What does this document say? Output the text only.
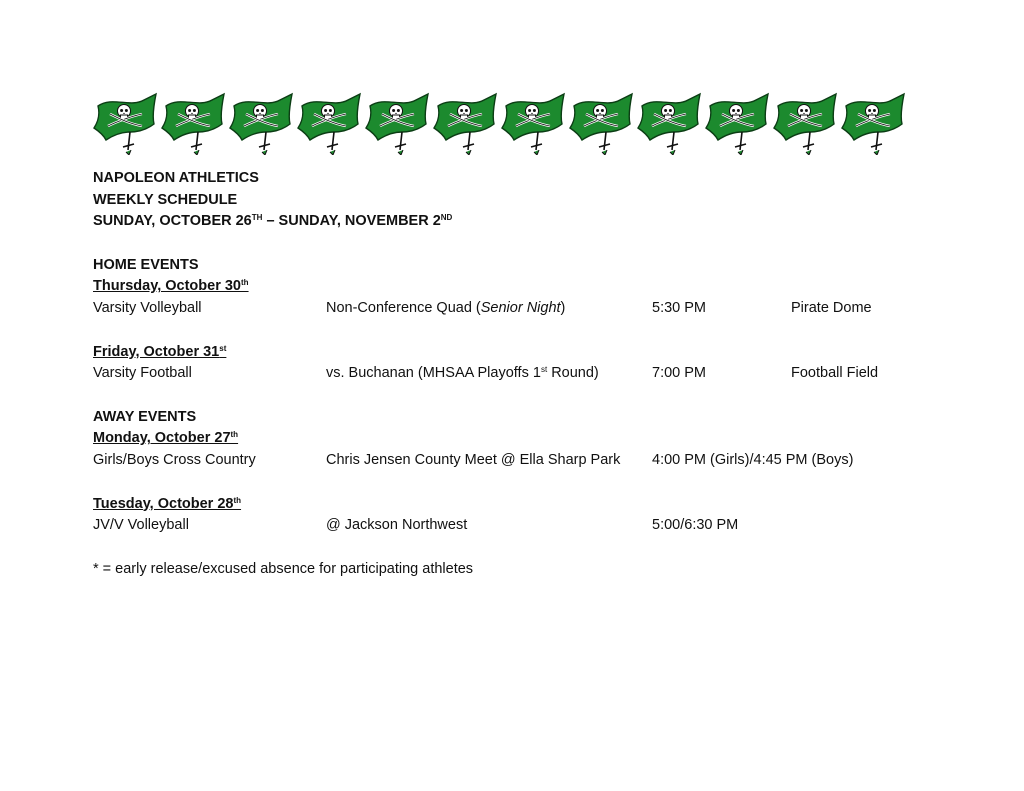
NAPOLEON ATHLETICS
WEEKLY SCHEDULE
SUNDAY, OCTOBER 26TH – SUNDAY, NOVEMBER 2ND
HOME EVENTS
Thursday, October 30th
Varsity Volleyball	Non-Conference Quad (Senior Night)	5:30 PM	Pirate Dome
Friday, October 31st
Varsity Football	vs. Buchanan (MHSAA Playoffs 1st Round)	7:00 PM	Football Field
AWAY EVENTS
Monday, October 27th
Girls/Boys Cross Country	Chris Jensen County Meet @ Ella Sharp Park	4:00 PM (Girls)/4:45 PM (Boys)
Tuesday, October 28th
JV/V Volleyball	@ Jackson Northwest	5:00/6:30 PM
* = early release/excused absence for participating athletes
